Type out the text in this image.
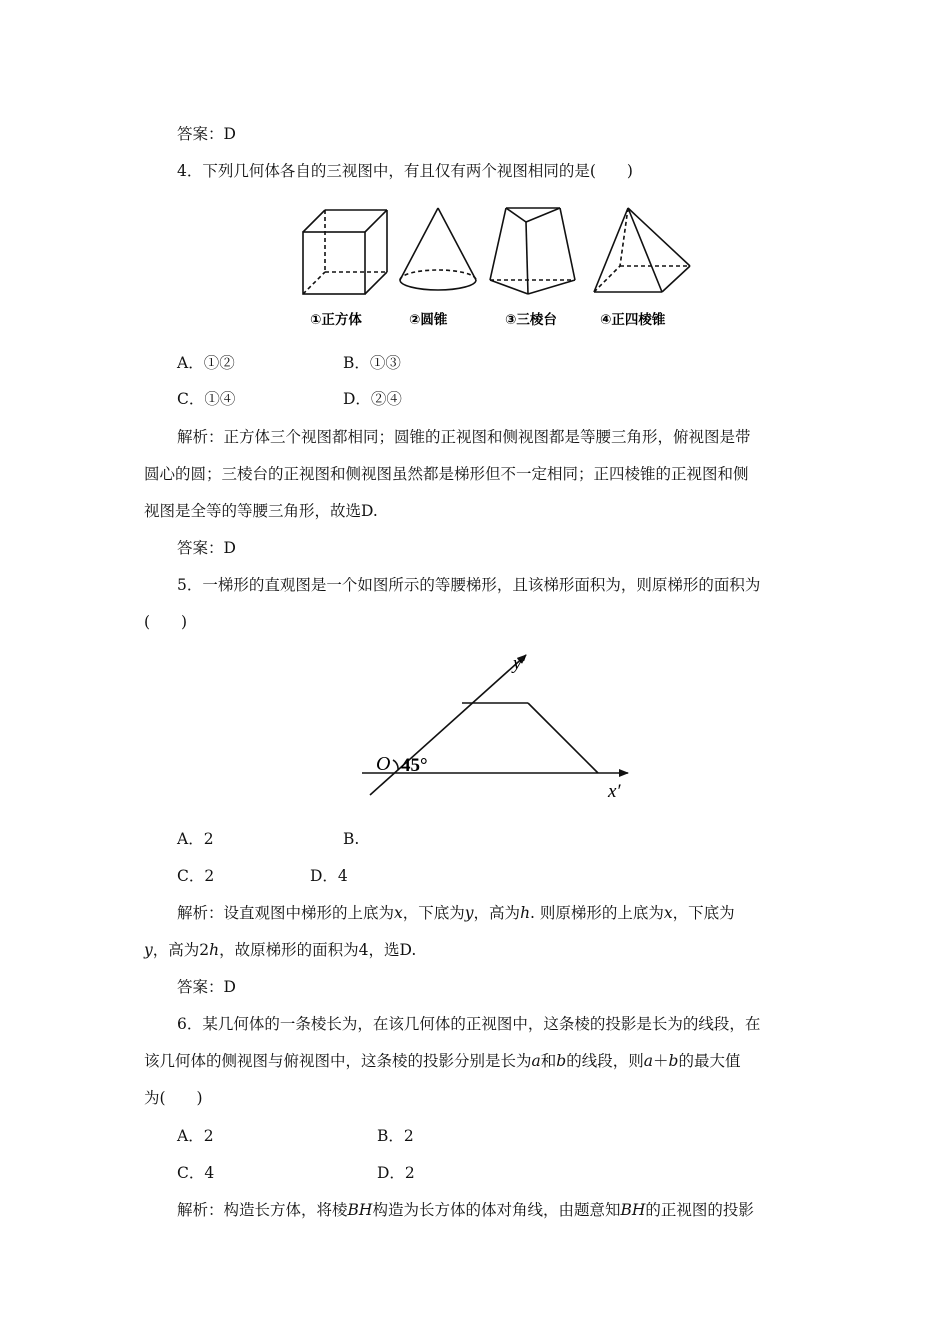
答案：D
4．下列几何体各自的三视图中，有且仅有两个视图相同的是(　　)
①正方体	②圆锥	③三棱台	④正四棱锥
A．①②	B．①③
C．①④	D．②④
解析：正方体三个视图都相同；圆锥的正视图和侧视图都是等腰三角形，俯视图是带
圆心的圆；三棱台的正视图和侧视图虽然都是梯形但不一定相同；正四棱锥的正视图和侧
视图是全等的等腰三角形，故选D.
答案：D
5．一梯形的直观图是一个如图所示的等腰梯形，且该梯形面积为，则原梯形的面积为
(　　)
O 45°
x′
y′
A．2	B.
C．2	D．4
解析：设直观图中梯形的上底为x，下底为y，高为h. 则原梯形的上底为x，下底为
y，高为2h，故原梯形的面积为4，选D.
答案：D
6．某几何体的一条棱长为，在该几何体的正视图中，这条棱的投影是长为的线段，在
该几何体的侧视图与俯视图中，这条棱的投影分别是长为a和b的线段，则a＋b的最大值
为(　　)
A．2	B．2
C．4	D．2
解析：构造长方体，将棱BH构造为长方体的体对角线，由题意知BH的正视图的投影
